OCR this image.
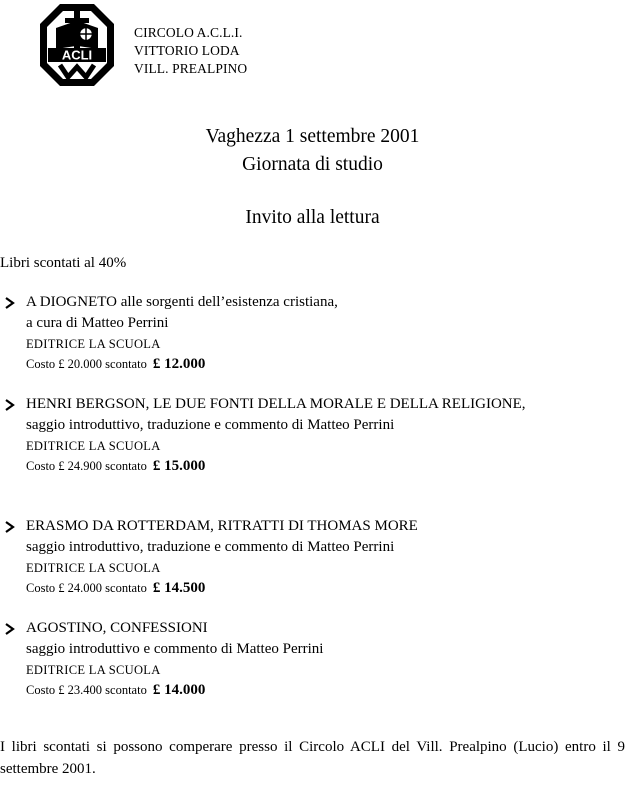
ACLI
CIRCOLO A.C.L.I.
VITTORIO LODA
VILL. PREALPINO
Vaghezza 1 settembre 2001
Giornata di studio
Invito alla lettura
Libri scontati al 40%
A DIOGNETO alle sorgenti dell’esistenza cristiana,
a cura di Matteo Perrini
EDITRICE LA SCUOLA
Costo £ 20.000 scontato £ 12.000
HENRI BERGSON, LE DUE FONTI DELLA MORALE E DELLA RELIGIONE,
saggio introduttivo, traduzione e commento di Matteo Perrini
EDITRICE LA SCUOLA
Costo £ 24.900 scontato £ 15.000
ERASMO DA ROTTERDAM, RITRATTI DI THOMAS MORE
saggio introduttivo, traduzione e commento di Matteo Perrini
EDITRICE LA SCUOLA
Costo £ 24.000 scontato £ 14.500
AGOSTINO, CONFESSIONI
saggio introduttivo e commento di Matteo Perrini
EDITRICE LA SCUOLA
Costo £ 23.400 scontato £ 14.000
I libri scontati si possono comperare presso il Circolo ACLI del Vill. Prealpino (Lucio) entro il 9 settembre 2001.
